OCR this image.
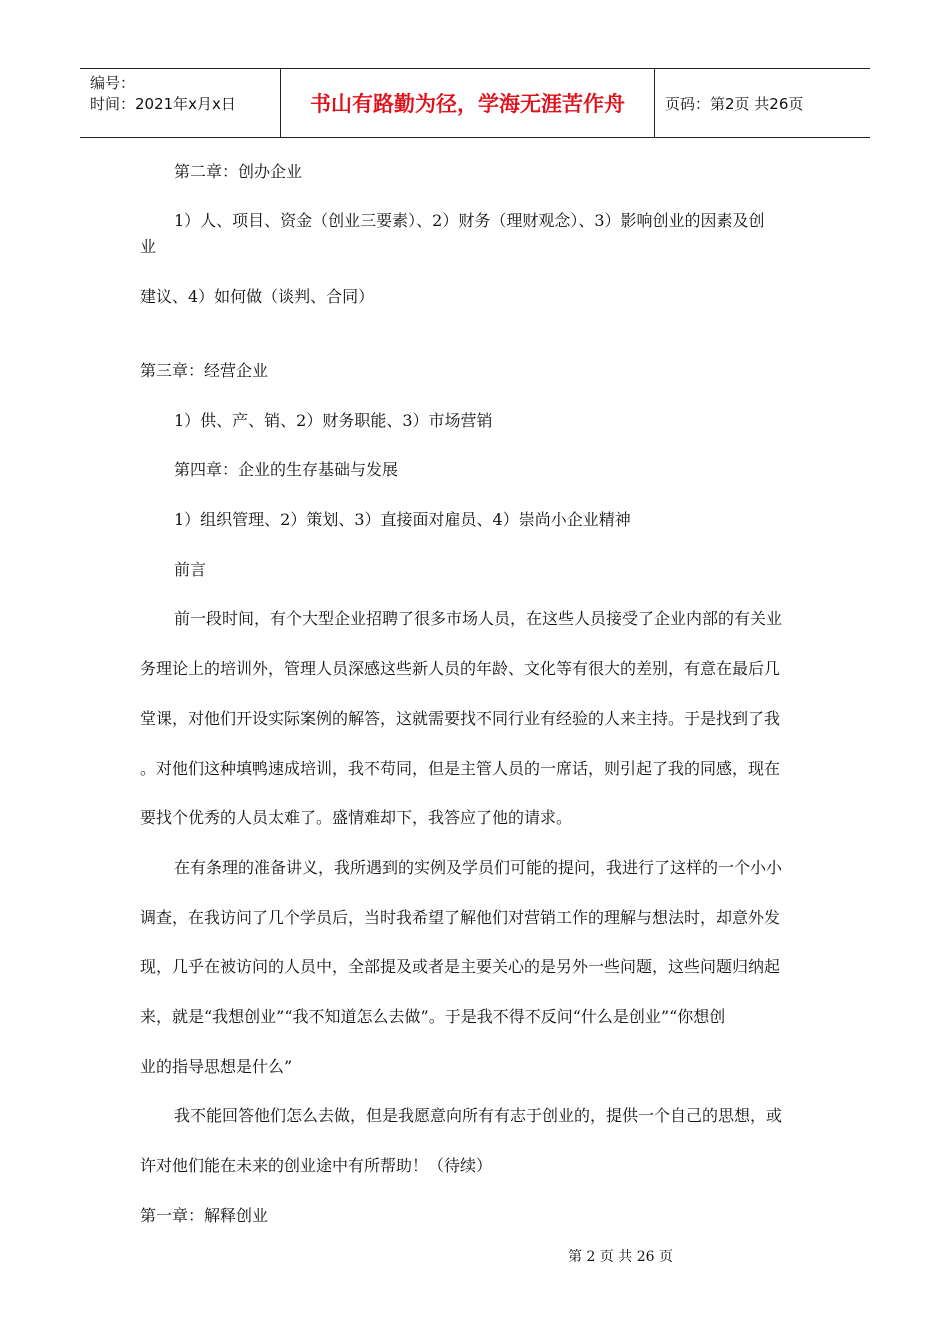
编号：
时间：2021年x月x日	书山有路勤为径，学海无涯苦作舟	页码：第2页 共26页
第二章：创办企业
1）人、项目、资金（创业三要素）、2）财务（理财观念）、3）影响创业的因素及创
业
建议、4）如何做（谈判、合同）
第三章：经营企业
1）供、产、销、2）财务职能、3）市场营销
第四章：企业的生存基础与发展
1）组织管理、2）策划、3）直接面对雇员、4）崇尚小企业精神
前言
前一段时间，有个大型企业招聘了很多市场人员，在这些人员接受了企业内部的有关业
务理论上的培训外，管理人员深感这些新人员的年龄、文化等有很大的差别，有意在最后几
堂课，对他们开设实际案例的解答，这就需要找不同行业有经验的人来主持。于是找到了我
。对他们这种填鸭速成培训，我不苟同，但是主管人员的一席话，则引起了我的同感，现在
要找个优秀的人员太难了。盛情难却下，我答应了他的请求。
在有条理的准备讲义，我所遇到的实例及学员们可能的提问，我进行了这样的一个小小
调查，在我访问了几个学员后，当时我希望了解他们对营销工作的理解与想法时，却意外发
现，几乎在被访问的人员中，全部提及或者是主要关心的是另外一些问题，这些问题归纳起
来，就是“我想创业”“我不知道怎么去做”。于是我不得不反问“什么是创业”“你想创
业的指导思想是什么”
我不能回答他们怎么去做，但是我愿意向所有有志于创业的，提供一个自己的思想，或
许对他们能在未来的创业途中有所帮助！（待续）
第一章：解释创业
第 2 页 共 26 页
